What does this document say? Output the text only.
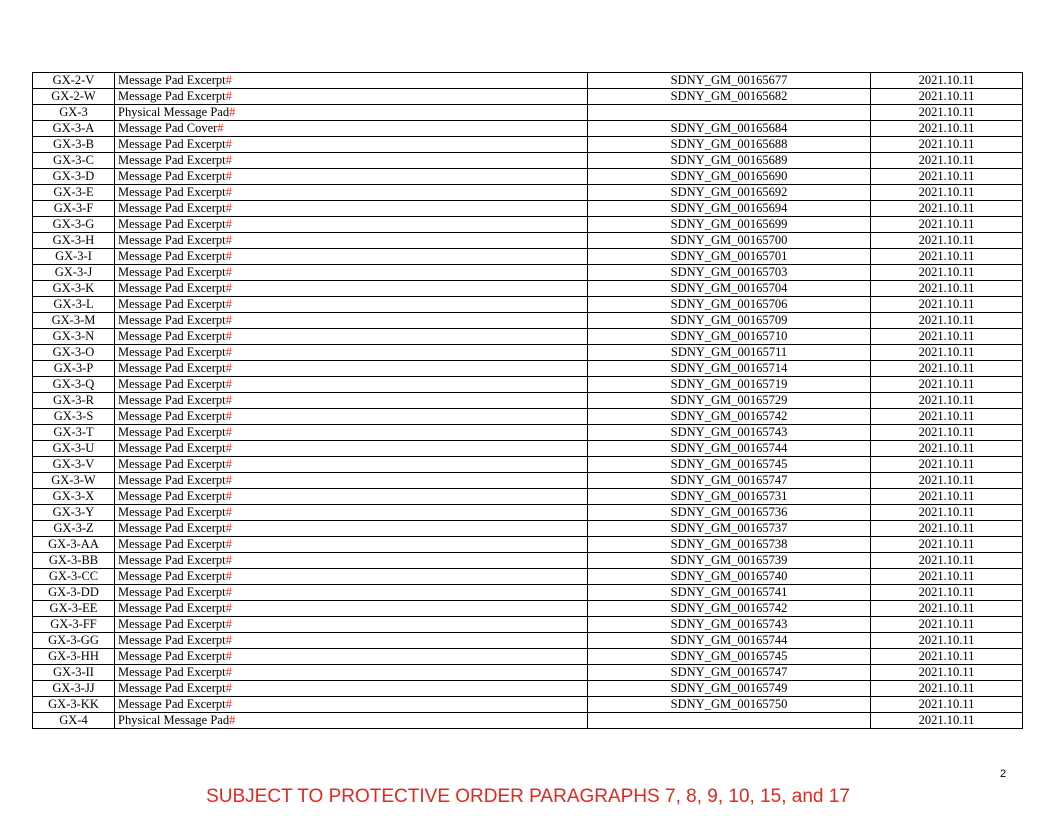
GX-2-V	Message Pad Excerpt#	SDNY_GM_00165677	2021.10.11
GX-2-W	Message Pad Excerpt#	SDNY_GM_00165682	2021.10.11
GX-3	Physical Message Pad#		2021.10.11
GX-3-A	Message Pad Cover#	SDNY_GM_00165684	2021.10.11
GX-3-B	Message Pad Excerpt#	SDNY_GM_00165688	2021.10.11
GX-3-C	Message Pad Excerpt#	SDNY_GM_00165689	2021.10.11
GX-3-D	Message Pad Excerpt#	SDNY_GM_00165690	2021.10.11
GX-3-E	Message Pad Excerpt#	SDNY_GM_00165692	2021.10.11
GX-3-F	Message Pad Excerpt#	SDNY_GM_00165694	2021.10.11
GX-3-G	Message Pad Excerpt#	SDNY_GM_00165699	2021.10.11
GX-3-H	Message Pad Excerpt#	SDNY_GM_00165700	2021.10.11
GX-3-I	Message Pad Excerpt#	SDNY_GM_00165701	2021.10.11
GX-3-J	Message Pad Excerpt#	SDNY_GM_00165703	2021.10.11
GX-3-K	Message Pad Excerpt#	SDNY_GM_00165704	2021.10.11
GX-3-L	Message Pad Excerpt#	SDNY_GM_00165706	2021.10.11
GX-3-M	Message Pad Excerpt#	SDNY_GM_00165709	2021.10.11
GX-3-N	Message Pad Excerpt#	SDNY_GM_00165710	2021.10.11
GX-3-O	Message Pad Excerpt#	SDNY_GM_00165711	2021.10.11
GX-3-P	Message Pad Excerpt#	SDNY_GM_00165714	2021.10.11
GX-3-Q	Message Pad Excerpt#	SDNY_GM_00165719	2021.10.11
GX-3-R	Message Pad Excerpt#	SDNY_GM_00165729	2021.10.11
GX-3-S	Message Pad Excerpt#	SDNY_GM_00165742	2021.10.11
GX-3-T	Message Pad Excerpt#	SDNY_GM_00165743	2021.10.11
GX-3-U	Message Pad Excerpt#	SDNY_GM_00165744	2021.10.11
GX-3-V	Message Pad Excerpt#	SDNY_GM_00165745	2021.10.11
GX-3-W	Message Pad Excerpt#	SDNY_GM_00165747	2021.10.11
GX-3-X	Message Pad Excerpt#	SDNY_GM_00165731	2021.10.11
GX-3-Y	Message Pad Excerpt#	SDNY_GM_00165736	2021.10.11
GX-3-Z	Message Pad Excerpt#	SDNY_GM_00165737	2021.10.11
GX-3-AA	Message Pad Excerpt#	SDNY_GM_00165738	2021.10.11
GX-3-BB	Message Pad Excerpt#	SDNY_GM_00165739	2021.10.11
GX-3-CC	Message Pad Excerpt#	SDNY_GM_00165740	2021.10.11
GX-3-DD	Message Pad Excerpt#	SDNY_GM_00165741	2021.10.11
GX-3-EE	Message Pad Excerpt#	SDNY_GM_00165742	2021.10.11
GX-3-FF	Message Pad Excerpt#	SDNY_GM_00165743	2021.10.11
GX-3-GG	Message Pad Excerpt#	SDNY_GM_00165744	2021.10.11
GX-3-HH	Message Pad Excerpt#	SDNY_GM_00165745	2021.10.11
GX-3-II	Message Pad Excerpt#	SDNY_GM_00165747	2021.10.11
GX-3-JJ	Message Pad Excerpt#	SDNY_GM_00165749	2021.10.11
GX-3-KK	Message Pad Excerpt#	SDNY_GM_00165750	2021.10.11
GX-4	Physical Message Pad#		2021.10.11
2
SUBJECT TO PROTECTIVE ORDER PARAGRAPHS 7, 8, 9, 10, 15, and 17
